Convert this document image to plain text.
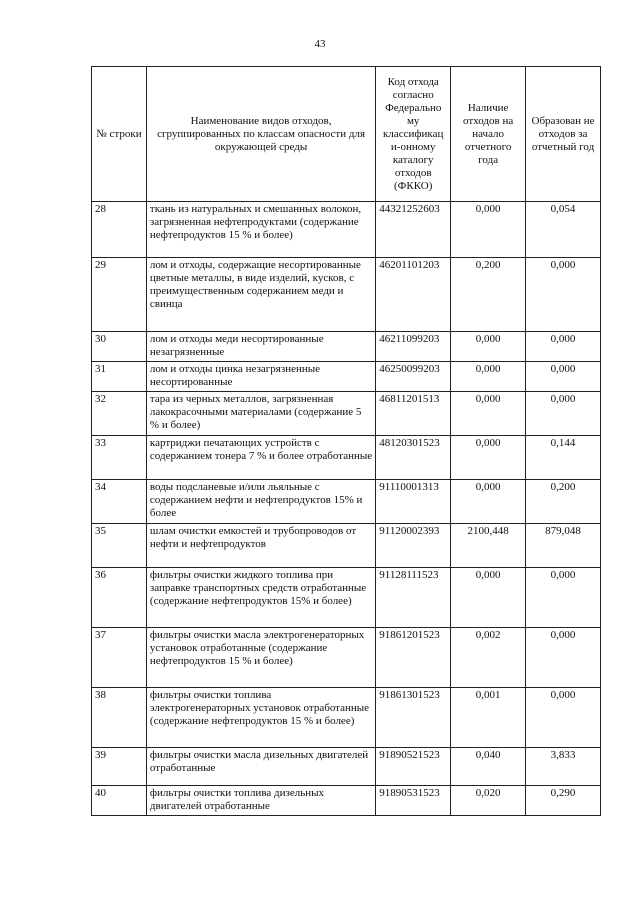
43
№ строки	Наименование видов отходов, сгруппированных по классам опасности для окружающей среды	Код отхода согласно Федерально му классификац и-онному каталогу отходов (ФККО)	Наличие отходов на начало отчетного года	Образован не отходов за отчетный год
28	ткань из натуральных и смешанных волокон, загрязненная нефтепродуктами (содержание нефтепродуктов 15 % и более)	44321252603	0,000	0,054
29	лом и отходы, содержащие несортированные цветные металлы, в виде изделий, кусков, с преимущественным содержанием меди и свинца	46201101203	0,200	0,000
30	лом и отходы меди несортированные незагрязненные	46211099203	0,000	0,000
31	лом и отходы цинка незагрязненные несортированные	46250099203	0,000	0,000
32	тара из черных металлов, загрязненная лакокрасочными материалами (содержание 5 % и более)	46811201513	0,000	0,000
33	картриджи печатающих устройств с содержанием тонера 7 % и более отработанные	48120301523	0,000	0,144
34	воды подсланевые и/или льяльные с содержанием нефти и нефтепродуктов 15% и более	91110001313	0,000	0,200
35	шлам очистки емкостей и трубопроводов от нефти и нефтепродуктов	91120002393	2100,448	879,048
36	фильтры очистки жидкого топлива при заправке транспортных средств отработанные (содержание нефтепродуктов 15% и более)	91128111523	0,000	0,000
37	фильтры очистки масла электрогенераторных установок отработанные (содержание нефтепродуктов 15 % и более)	91861201523	0,002	0,000
38	фильтры очистки топлива электрогенераторных установок отработанные (содержание нефтепродуктов 15 % и более)	91861301523	0,001	0,000
39	фильтры очистки масла дизельных двигателей отработанные	91890521523	0,040	3,833
40	фильтры очистки топлива дизельных двигателей отработанные	91890531523	0,020	0,290
